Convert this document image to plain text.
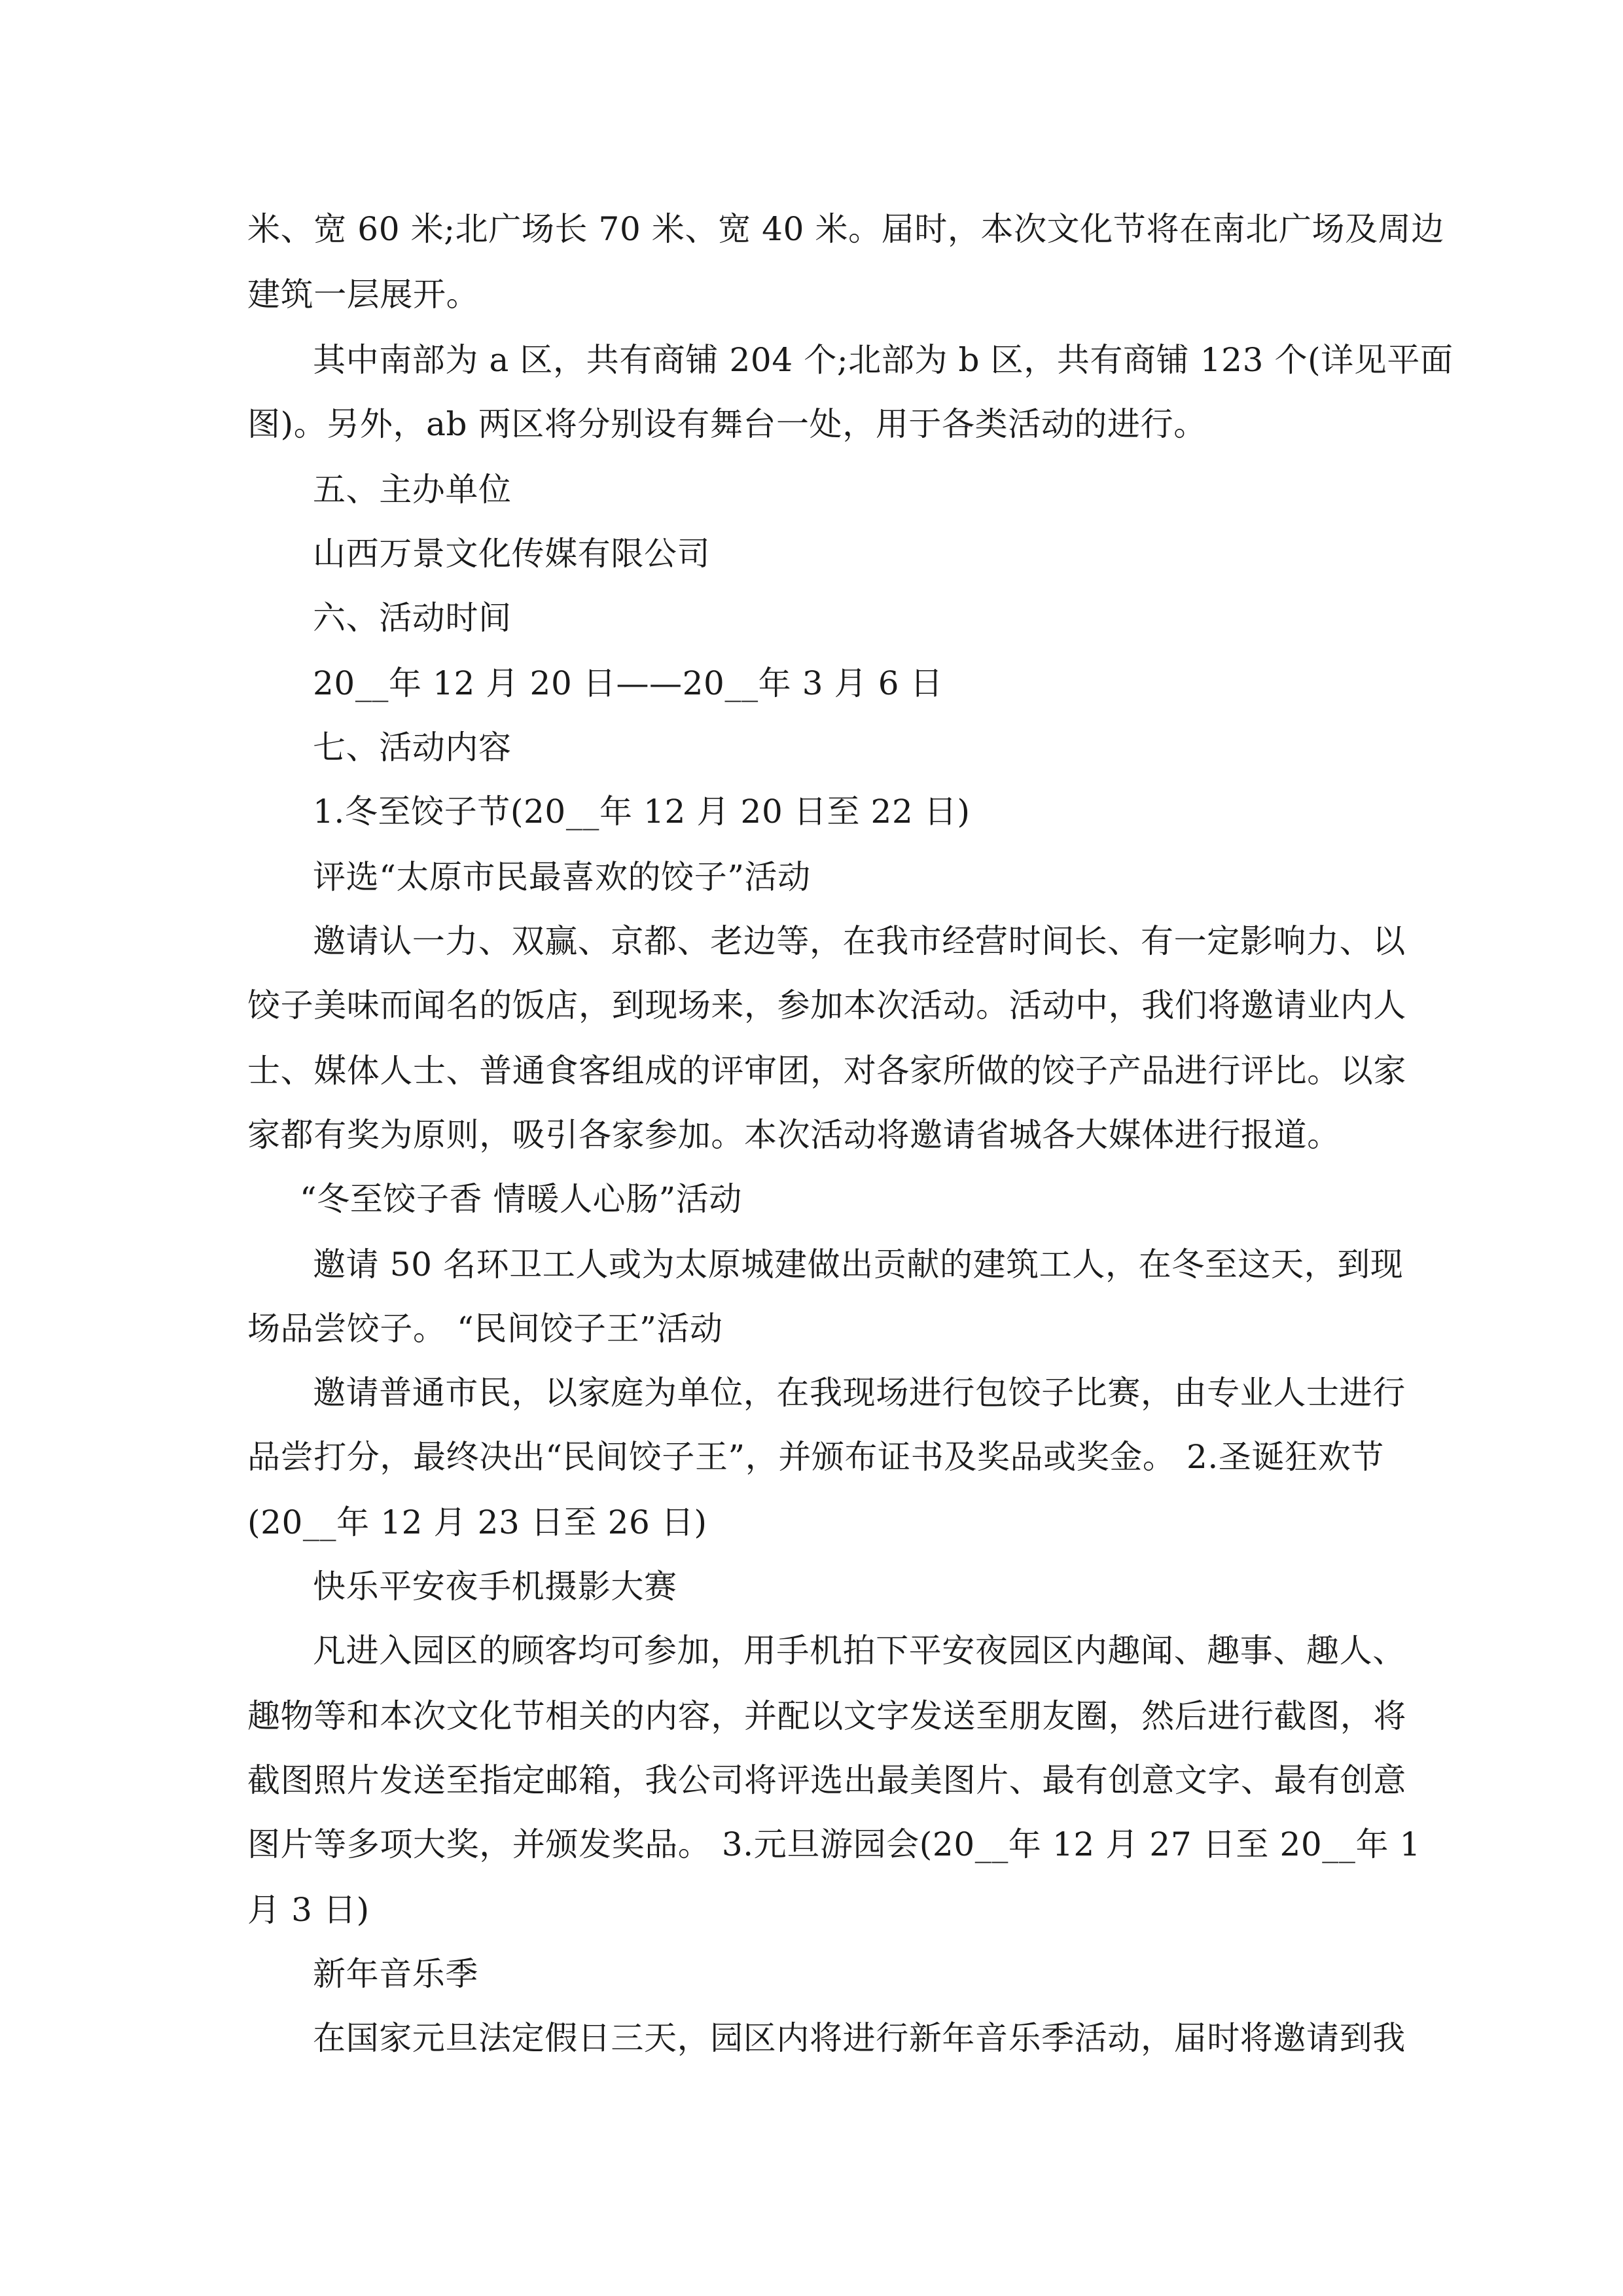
米、宽 60 米;北广场长 70 米、宽 40 米。届时，本次文化节将在南北广场及周边

建筑一层展开。

其中南部为 a 区，共有商铺 204 个;北部为 b 区，共有商铺 123 个(详见平面

图)。另外，ab 两区将分别设有舞台一处，用于各类活动的进行。

五、主办单位

山西万景文化传媒有限公司

六、活动时间

20__年 12 月 20 日——20__年 3 月 6 日

七、活动内容

1.冬至饺子节(20__年 12 月 20 日至 22 日)

评选“太原市民最喜欢的饺子”活动

邀请认一力、双赢、京都、老边等，在我市经营时间长、有一定影响力、以

饺子美味而闻名的饭店，到现场来，参加本次活动。活动中，我们将邀请业内人

士、媒体人士、普通食客组成的评审团，对各家所做的饺子产品进行评比。以家

家都有奖为原则，吸引各家参加。本次活动将邀请省城各大媒体进行报道。

“冬至饺子香 情暖人心肠”活动

邀请 50 名环卫工人或为太原城建做出贡献的建筑工人，在冬至这天，到现

场品尝饺子。 “民间饺子王”活动

邀请普通市民，以家庭为单位，在我现场进行包饺子比赛，由专业人士进行

品尝打分，最终决出“民间饺子王”，并颁布证书及奖品或奖金。 2.圣诞狂欢节

(20__年 12 月 23 日至 26 日)

快乐平安夜手机摄影大赛

凡进入园区的顾客均可参加，用手机拍下平安夜园区内趣闻、趣事、趣人、

趣物等和本次文化节相关的内容，并配以文字发送至朋友圈，然后进行截图，将

截图照片发送至指定邮箱，我公司将评选出最美图片、最有创意文字、最有创意

图片等多项大奖，并颁发奖品。 3.元旦游园会(20__年 12 月 27 日至 20__年 1

月 3 日)

新年音乐季

在国家元旦法定假日三天，园区内将进行新年音乐季活动，届时将邀请到我
